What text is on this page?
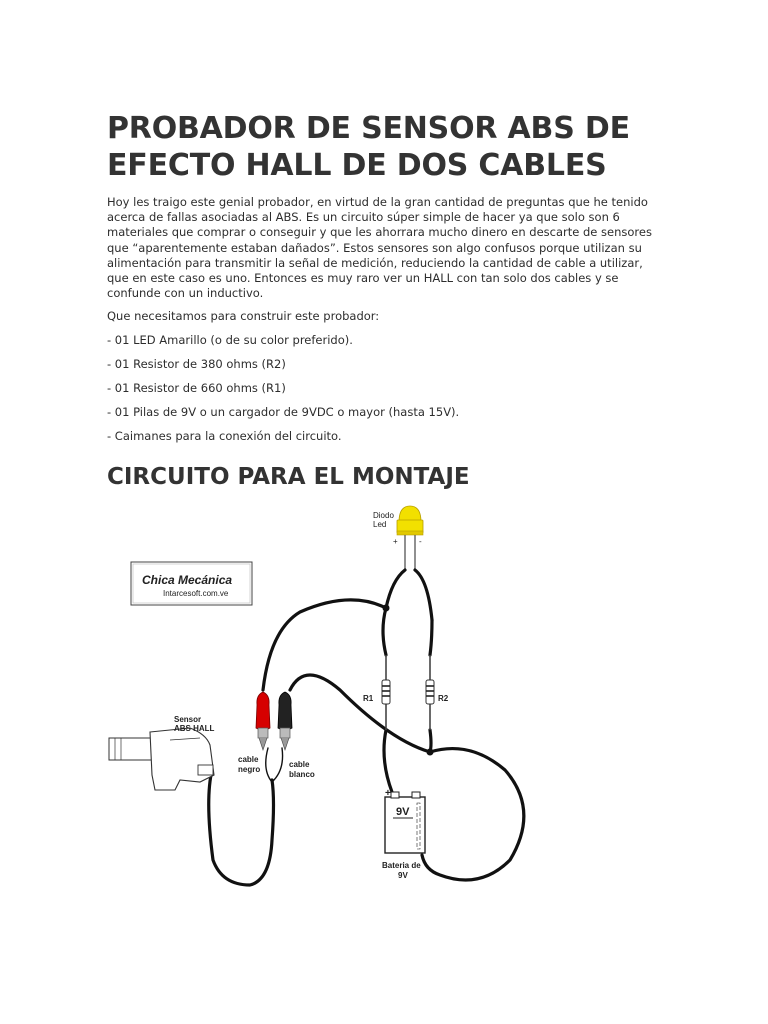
PROBADOR DE SENSOR ABS DE EFECTO HALL DE DOS CABLES

Hoy les traigo este genial probador, en virtud de la gran cantidad de preguntas que he tenido acerca de fallas asociadas al ABS. Es un circuito súper simple de hacer ya que solo son 6 materiales que comprar o conseguir y que les ahorrara mucho dinero en descarte de sensores que “aparentemente estaban dañados”. Estos sensores son algo confusos porque utilizan su alimentación para transmitir la señal de medición, reduciendo la cantidad de cable a utilizar, que en este caso es uno. Entonces es muy raro ver un HALL con tan solo dos cables y se confunde con un inductivo.

Que necesitamos para construir este probador:

- 01 LED Amarillo (o de su color preferido).

- 01 Resistor de 380 ohms (R2)

- 01 Resistor de 660 ohms (R1)

- 01 Pilas de 9V o un cargador de 9VDC o mayor (hasta 15V).

- Caimanes para la conexión del circuito.

CIRCUITO PARA EL MONTAJE
Chica Mecánica
Intarcesoft.com.ve
Diodo
Led
+	-
R1	R2
+
9V
Bateria de
9V
cable
negro
cable
blanco
Sensor
ABS HALL
